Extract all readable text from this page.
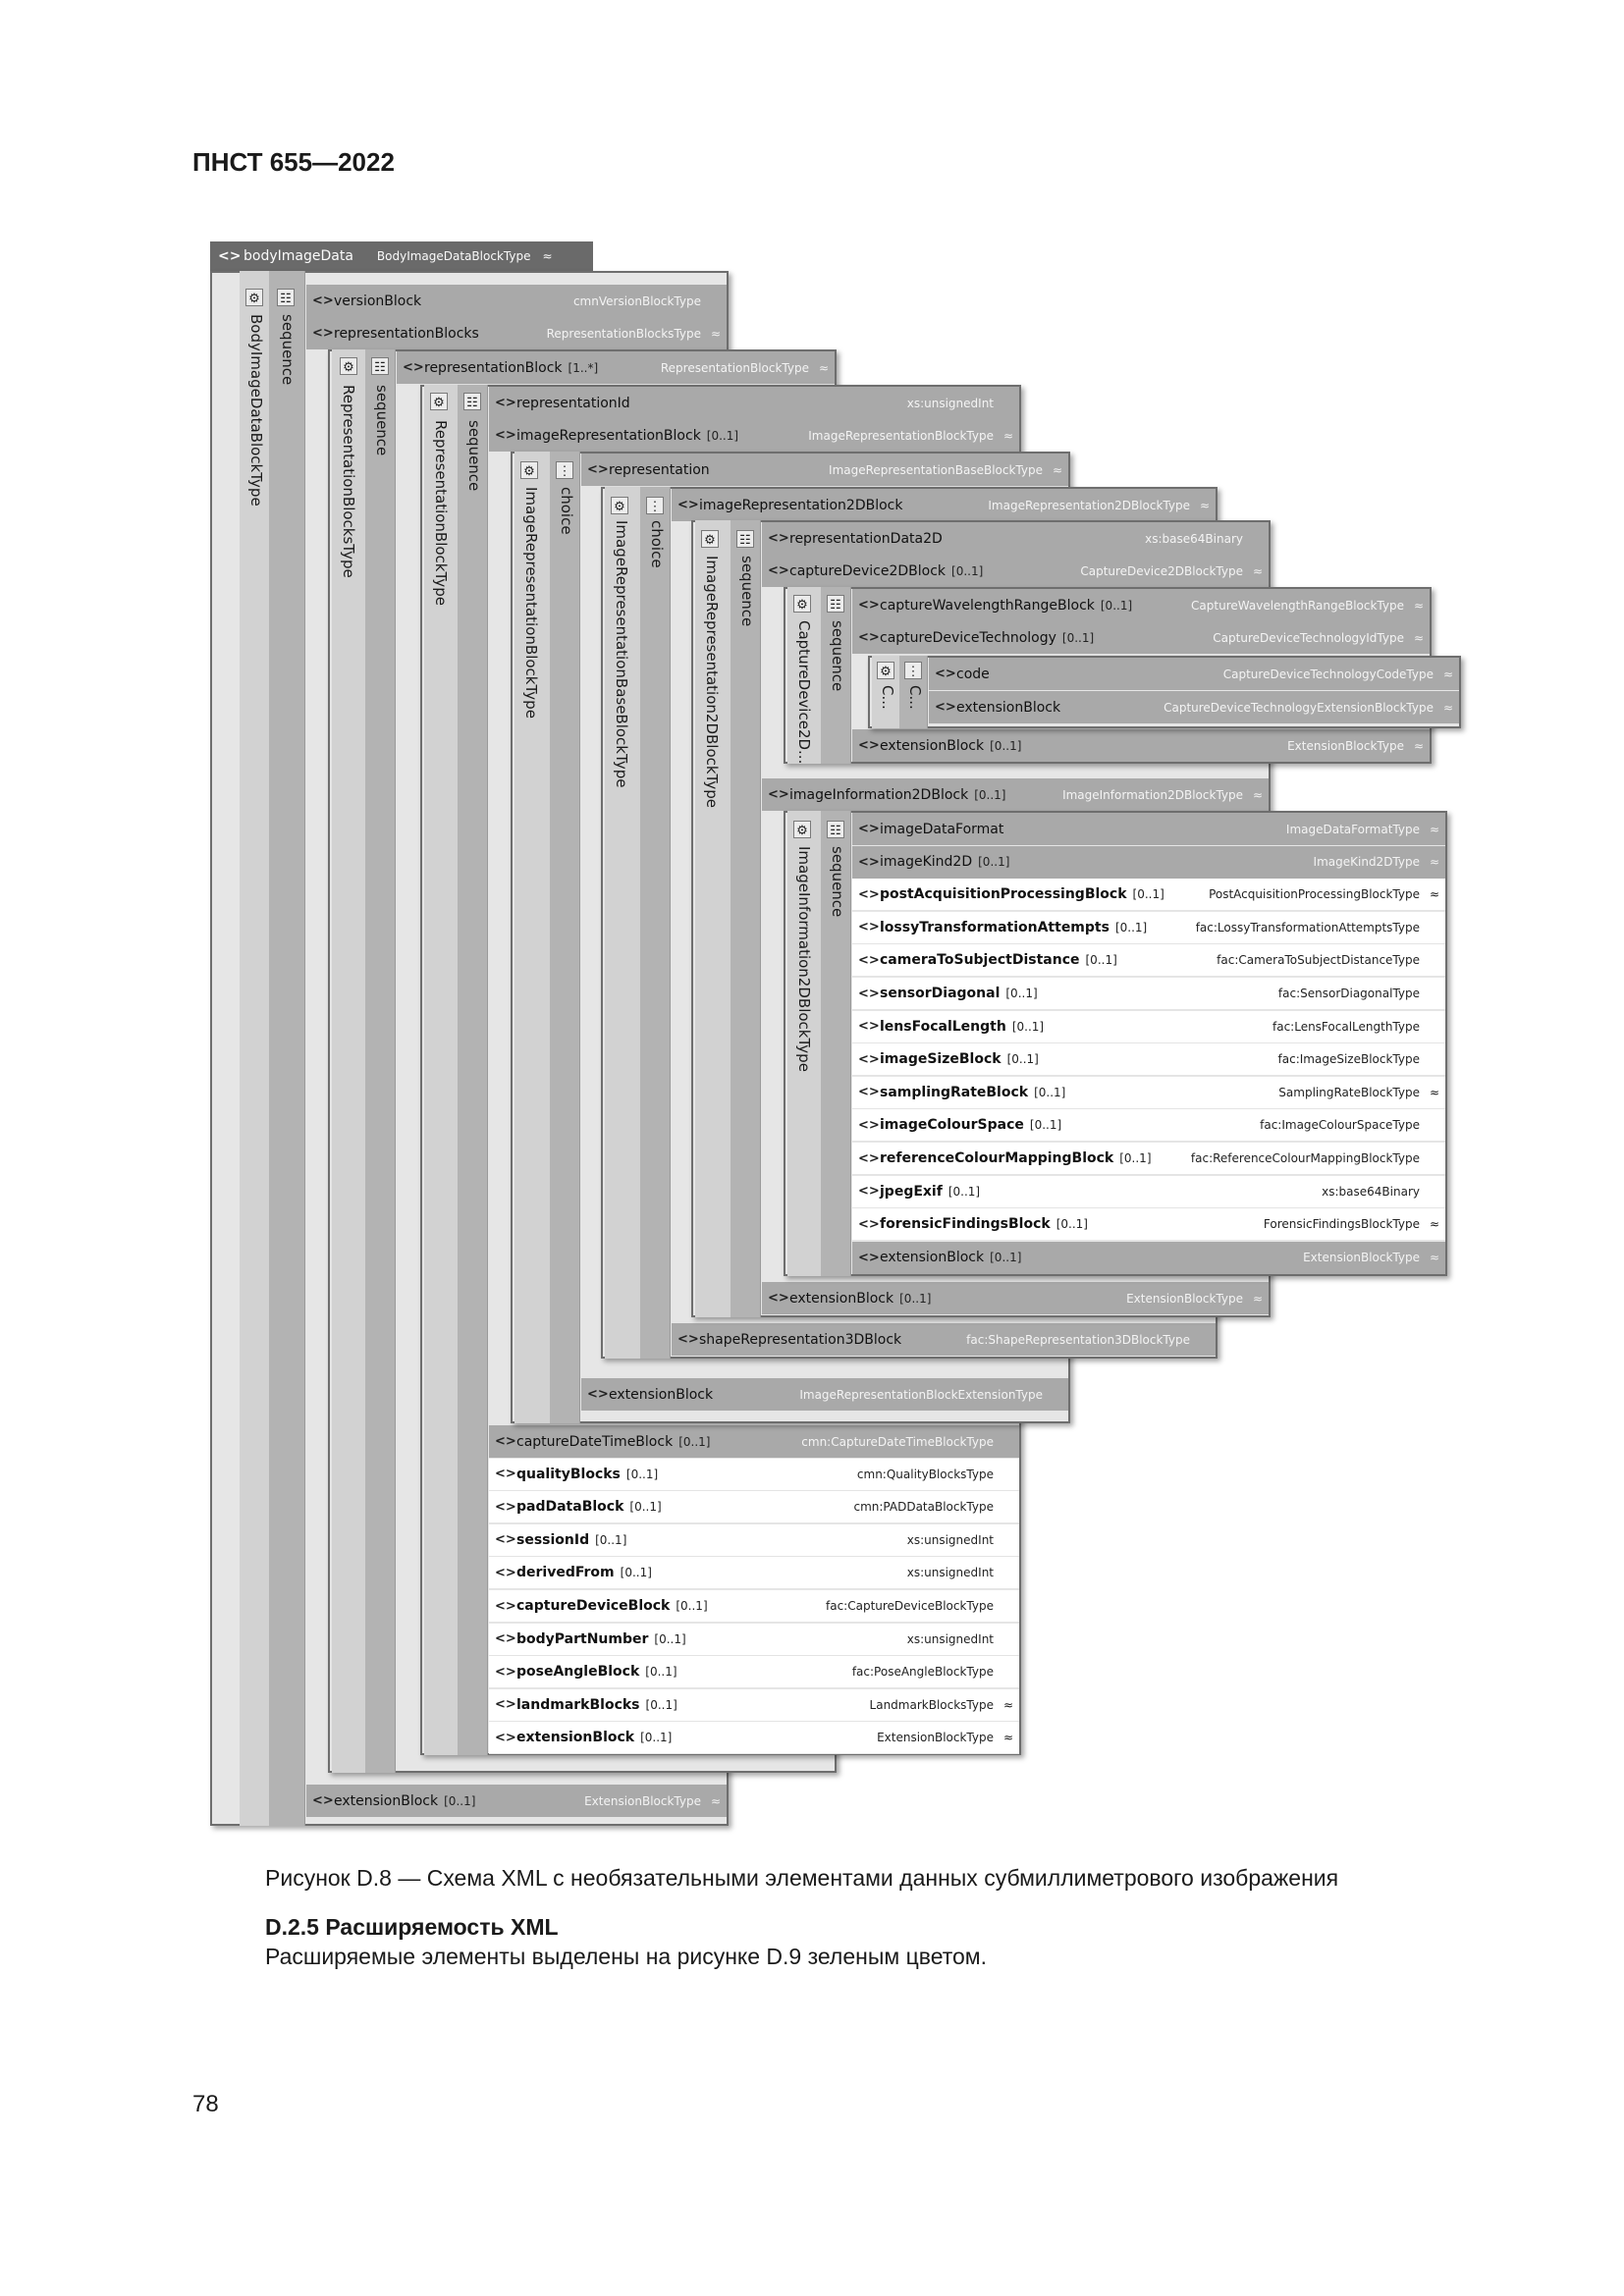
ПНСТ 655—2022
<> bodyImageData BodyImageDataBlockType ≈
⚙ ☷
BodyImageDataBlockType sequence
<> versionBlock	cmnVersionBlockType
<> representationBlocks	RepresentationBlocksType ≈
<> extensionBlock [0..1]	ExtensionBlockType ≈
⚙ ☷
RepresentationBlocksType sequence
<> representationBlock [1..*]	RepresentationBlockType ≈
⚙ ☷
RepresentationBlockType sequence
<> representationId	xs:unsignedInt
<> imageRepresentationBlock [0..1]	ImageRepresentationBlockType ≈
<> captureDateTimeBlock [0..1]	cmn:CaptureDateTimeBlockType
<> qualityBlocks [0..1]	cmn:QualityBlocksType
<> padDataBlock [0..1]	cmn:PADDataBlockType
<> sessionId [0..1]	xs:unsignedInt
<> derivedFrom [0..1]	xs:unsignedInt
<> captureDeviceBlock [0..1]	fac:CaptureDeviceBlockType
<> bodyPartNumber [0..1]	xs:unsignedInt
<> poseAngleBlock [0..1]	fac:PoseAngleBlockType
<> landmarkBlocks [0..1]	LandmarkBlocksType ≈
<> extensionBlock [0..1]	ExtensionBlockType ≈
⚙ ⋮
ImageRepresentationBlockType choice
<> representation	ImageRepresentationBaseBlockType ≈
<> extensionBlock	ImageRepresentationBlockExtensionType
⚙ ⋮
ImageRepresentationBaseBlockType choice
<> imageRepresentation2DBlock	ImageRepresentation2DBlockType ≈
<> shapeRepresentation3DBlock	fac:ShapeRepresentation3DBlockType
⚙ ☷
ImageRepresentation2DBlockType sequence
<> representationData2D	xs:base64Binary
<> captureDevice2DBlock [0..1]	CaptureDevice2DBlockType ≈
<> imageInformation2DBlock [0..1]	ImageInformation2DBlockType ≈
<> extensionBlock [0..1]	ExtensionBlockType ≈
⚙ ☷
CaptureDevice2D... sequence
<> captureWavelengthRangeBlock [0..1]	CaptureWavelengthRangeBlockType ≈
<> captureDeviceTechnology [0..1]	CaptureDeviceTechnologyIdType ≈
<> extensionBlock [0..1]	ExtensionBlockType ≈
⚙ ⋮
C... C...
<> code	CaptureDeviceTechnologyCodeType ≈
<> extensionBlock	CaptureDeviceTechnologyExtensionBlockType ≈
⚙ ☷
ImageInformation2DBlockType sequence
<> imageDataFormat	ImageDataFormatType ≈
<> imageKind2D [0..1]	ImageKind2DType ≈
<> postAcquisitionProcessingBlock [0..1]	PostAcquisitionProcessingBlockType ≈
<> lossyTransformationAttempts [0..1]	fac:LossyTransformationAttemptsType
<> cameraToSubjectDistance [0..1]	fac:CameraToSubjectDistanceType
<> sensorDiagonal [0..1]	fac:SensorDiagonalType
<> lensFocalLength [0..1]	fac:LensFocalLengthType
<> imageSizeBlock [0..1]	fac:ImageSizeBlockType
<> samplingRateBlock [0..1]	SamplingRateBlockType ≈
<> imageColourSpace [0..1]	fac:ImageColourSpaceType
<> referenceColourMappingBlock [0..1]	fac:ReferenceColourMappingBlockType
<> jpegExif [0..1]	xs:base64Binary
<> forensicFindingsBlock [0..1]	ForensicFindingsBlockType ≈
<> extensionBlock [0..1]	ExtensionBlockType ≈
Рисунок D.8 — Схема XML с необязательными элементами данных субмиллиметрового изображения
D.2.5 Расширяемость XML
Расширяемые элементы выделены на рисунке D.9 зеленым цветом.
78
